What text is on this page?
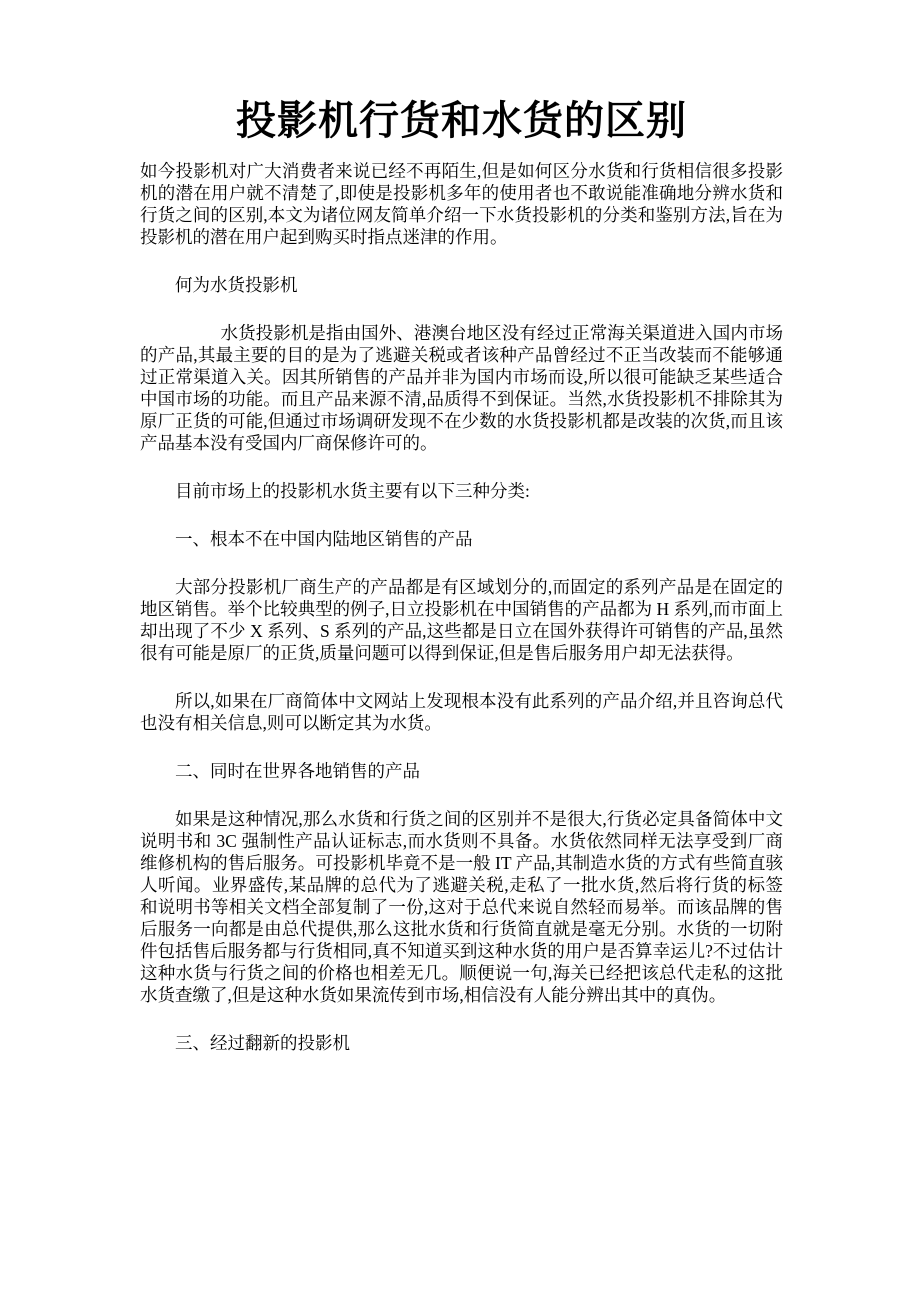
投影机行货和水货的区别

如今投影机对广大消费者来说已经不再陌生,但是如何区分水货和行货相信很多投影机的潜在用户就不清楚了,即使是投影机多年的使用者也不敢说能准确地分辨水货和行货之间的区别,本文为诸位网友简单介绍一下水货投影机的分类和鉴别方法,旨在为投影机的潜在用户起到购买时指点迷津的作用。

何为水货投影机

水货投影机是指由国外、港澳台地区没有经过正常海关渠道进入国内市场的产品,其最主要的目的是为了逃避关税或者该种产品曾经过不正当改装而不能够通过正常渠道入关。因其所销售的产品并非为国内市场而设,所以很可能缺乏某些适合中国市场的功能。而且产品来源不清,品质得不到保证。当然,水货投影机不排除其为原厂正货的可能,但通过市场调研发现不在少数的水货投影机都是改装的次货,而且该产品基本没有受国内厂商保修许可的。

目前市场上的投影机水货主要有以下三种分类:

一、根本不在中国内陆地区销售的产品

大部分投影机厂商生产的产品都是有区域划分的,而固定的系列产品是在固定的地区销售。举个比较典型的例子,日立投影机在中国销售的产品都为 H 系列,而市面上却出现了不少 X 系列、S 系列的产品,这些都是日立在国外获得许可销售的产品,虽然很有可能是原厂的正货,质量问题可以得到保证,但是售后服务用户却无法获得。

所以,如果在厂商简体中文网站上发现根本没有此系列的产品介绍,并且咨询总代也没有相关信息,则可以断定其为水货。

二、同时在世界各地销售的产品

如果是这种情况,那么水货和行货之间的区别并不是很大,行货必定具备简体中文说明书和 3C 强制性产品认证标志,而水货则不具备。水货依然同样无法享受到厂商维修机构的售后服务。可投影机毕竟不是一般 IT 产品,其制造水货的方式有些简直骇人听闻。业界盛传,某品牌的总代为了逃避关税,走私了一批水货,然后将行货的标签和说明书等相关文档全部复制了一份,这对于总代来说自然轻而易举。而该品牌的售后服务一向都是由总代提供,那么这批水货和行货简直就是毫无分别。水货的一切附件包括售后服务都与行货相同,真不知道买到这种水货的用户是否算幸运儿?不过估计这种水货与行货之间的价格也相差无几。顺便说一句,海关已经把该总代走私的这批水货查缴了,但是这种水货如果流传到市场,相信没有人能分辨出其中的真伪。

三、经过翻新的投影机
